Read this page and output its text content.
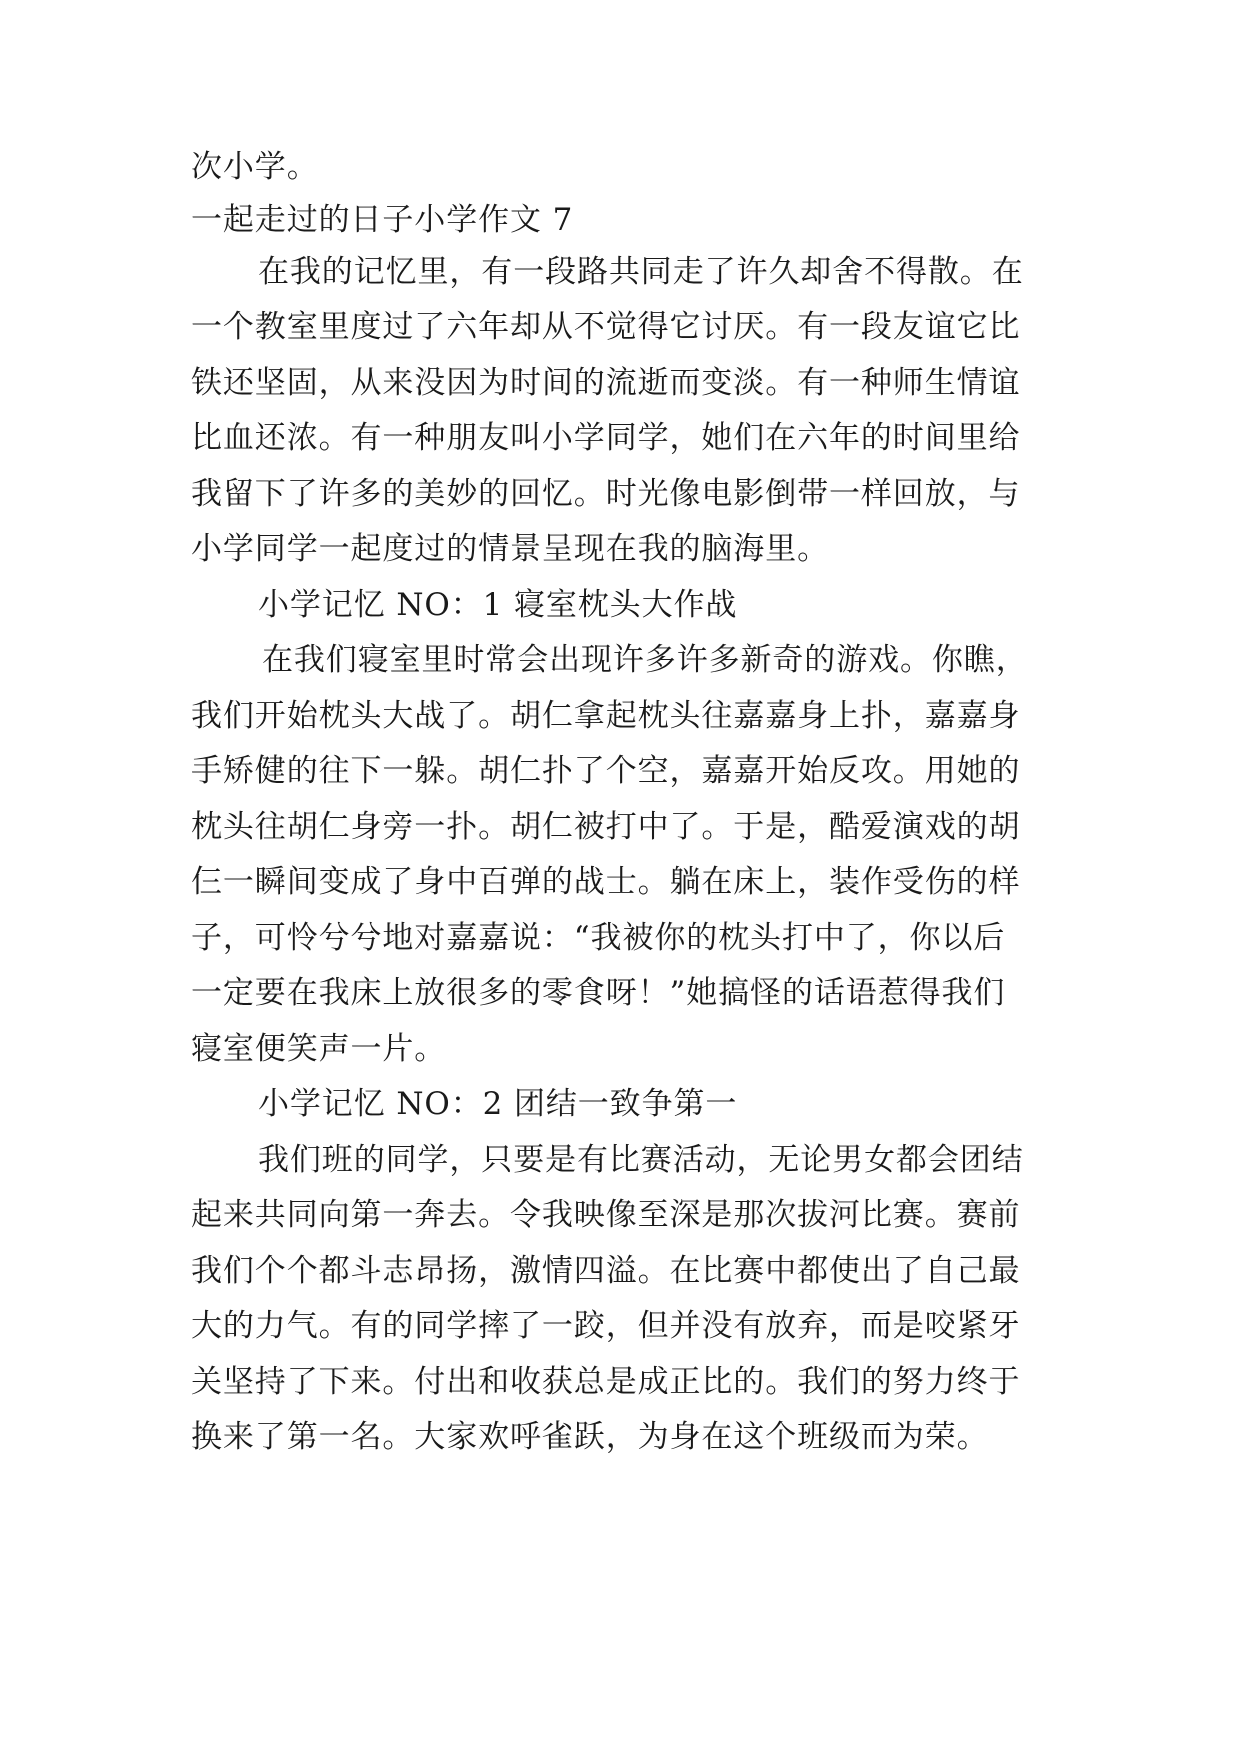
次小学。
一起走过的日子小学作文 7
在我的记忆里，有一段路共同走了许久却舍不得散。在
一个教室里度过了六年却从不觉得它讨厌。有一段友谊它比
铁还坚固，从来没因为时间的流逝而变淡。有一种师生情谊
比血还浓。有一种朋友叫小学同学，她们在六年的时间里给
我留下了许多的美妙的回忆。时光像电影倒带一样回放，与
小学同学一起度过的情景呈现在我的脑海里。
小学记忆 NO：1 寝室枕头大作战
在我们寝室里时常会出现许多许多新奇的游戏。你瞧，
我们开始枕头大战了。胡仁拿起枕头往嘉嘉身上扑，嘉嘉身
手矫健的往下一躲。胡仁扑了个空，嘉嘉开始反攻。用她的
枕头往胡仁身旁一扑。胡仁被打中了。于是，酷爱演戏的胡
仨一瞬间变成了身中百弹的战士。躺在床上，装作受伤的样
子，可怜兮兮地对嘉嘉说：“我被你的枕头打中了，你以后
一定要在我床上放很多的零食呀！”她搞怪的话语惹得我们
寝室便笑声一片。
小学记忆 NO：2 团结一致争第一
我们班的同学，只要是有比赛活动，无论男女都会团结
起来共同向第一奔去。令我映像至深是那次拔河比赛。赛前
我们个个都斗志昂扬，激情四溢。在比赛中都使出了自己最
大的力气。有的同学摔了一跤，但并没有放弃，而是咬紧牙
关坚持了下来。付出和收获总是成正比的。我们的努力终于
换来了第一名。大家欢呼雀跃，为身在这个班级而为荣。
